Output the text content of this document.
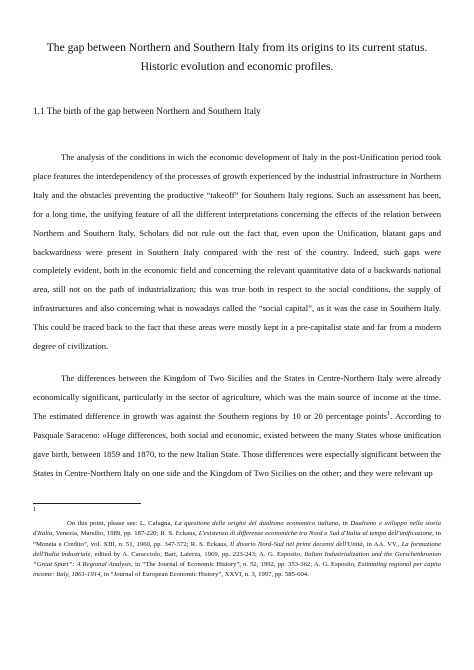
The gap between Northern and Southern Italy from its origins to its current status.
Historic evolution and economic profiles.
1.1 The birth of the gap between Northern and Southern Italy

The analysis of the conditions in wich the economic development of Italy in the post-Unification period took place features the interdependency of the processes of growth experienced by the industrial infrastructure in Northern Italy and the obstacles preventing the productive “takeoff” for Southern Italy regions. Such an assessment has been, for a long time, the unifying feature of all the different interpretations concerning the effects of the relation between Northern and Southern Italy. Scholars did not rule out the fact that, even upon the Unification, blatant gaps and backwardness were present in Southern Italy compared with the rest of the country. Indeed, such gaps were completely evident, both in the economic field and concerning the relevant quantitative data of a backwards national area, still not on the path of industrialization; this was true both in respect to the social conditions, the supply of infrastructures and also concerning what is nowadays called the “social capital”, as it was the case in Southern Italy. This could be traced back to the fact that these areas were mostly kept in a pre-capitalist state and far from a modern degree of civilization.

The differences between the Kingdom of Two Sicilies and the States in Centre-Northern Italy were already economically significant, particularly in the sector of agriculture, which was the main source of income at the time. The estimated difference in growth was against the Southern regions by 10 or 20 percentage points$^1$. According to Pasquale Saraceno: «Huge differences, both social and economic, existed between the many States whose unification gave birth, between 1859 and 1870, to the new Italian State. Those differences were especially significant between the States in Centre-Northern Italy on one side and the Kingdom of Two Sicilies on the other; and they were relevant up

1

On this point, please see: L. Cafagna, La questione delle origini del dualismo economico italiano, in Dualismo e sviluppo nella storia d'Italia, Venezia, Marsilio, 1989, pp. 187-220; R. S. Eckaus, L'esistenza di differenze economiche tra Nord e Sud d'Italia al tempo dell'unificazione, in “Moneta e Credito”, vol. XIII, n. 51, 1960, pp. 347-372; R. S. Eckaus, Il divario Nord-Sud nei primi decenni dell'Unità, in AA. VV., La formazione dell'Italia industriale, edited by A. Caracciolo, Bari, Laterza, 1969, pp. 223-243; A. G. Esposito, Italian Industrialization and the Gerschenkronian “Great Spurt”: A Regional Analysis, in “The Journal of Economic History”, n. 52, 1992, pp. 353-362; A. G. Esposito, Estimating regional per capita income: Italy, 1861-1914, in “Journal of European Economic History”, XXVI, n. 3, 1997, pp. 585-604.
